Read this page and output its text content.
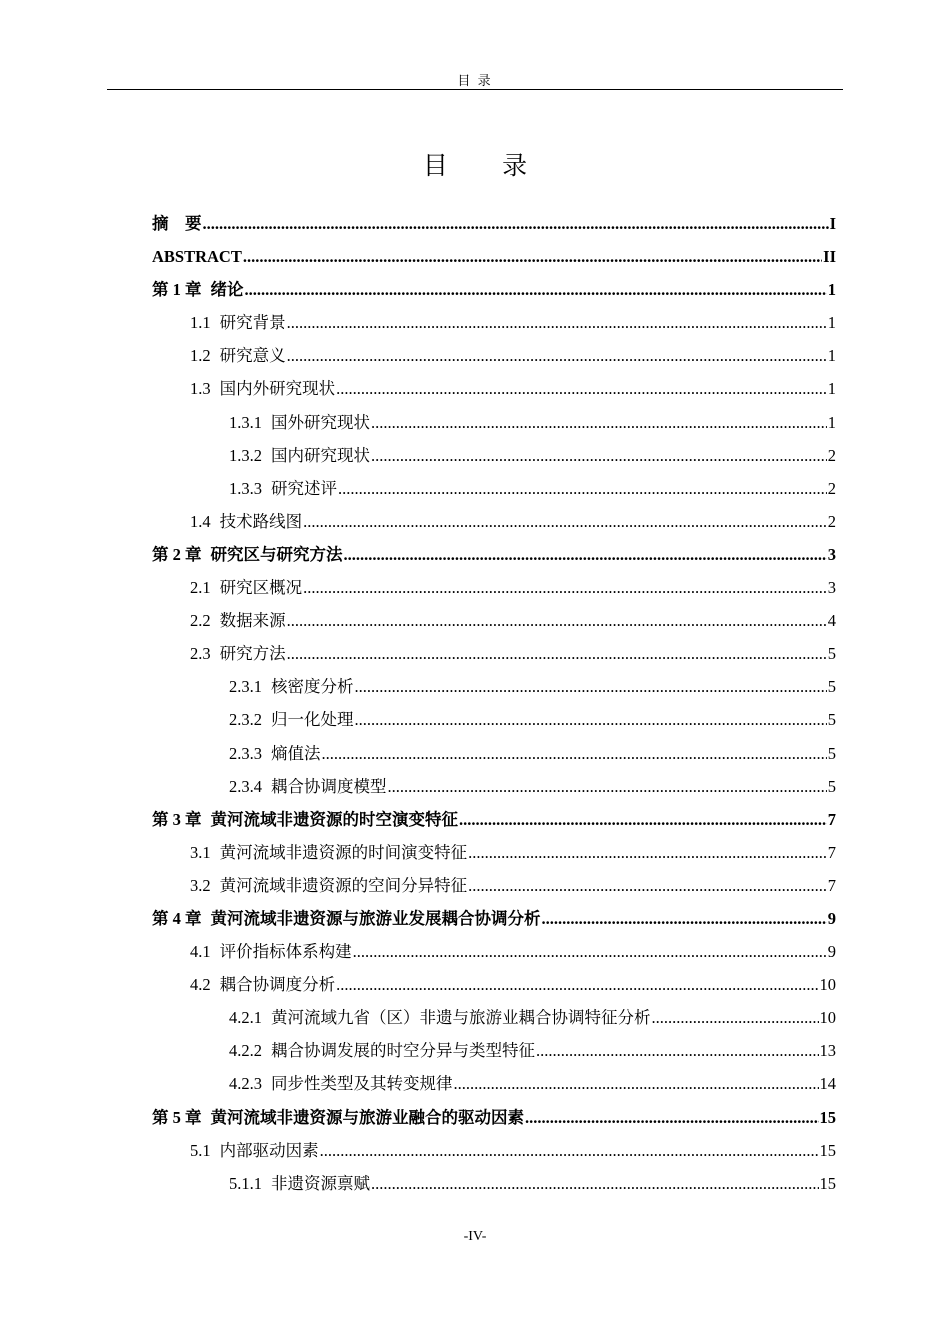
目 录
目 录
摘　要 .....	I
ABSTRACT .....	II
第 1 章 绪论 .....	1
1.1 研究背景 .....	1
1.2 研究意义 .....	1
1.3 国内外研究现状 .....	1
1.3.1 国外研究现状 .....	1
1.3.2 国内研究现状 .....	2
1.3.3 研究述评 .....	2
1.4 技术路线图 .....	2
第 2 章 研究区与研究方法 .....	3
2.1 研究区概况 .....	3
2.2 数据来源 .....	4
2.3 研究方法 .....	5
2.3.1 核密度分析 .....	5
2.3.2 归一化处理 .....	5
2.3.3 熵值法 .....	5
2.3.4 耦合协调度模型 .....	5
第 3 章 黄河流域非遗资源的时空演变特征 .....	7
3.1 黄河流域非遗资源的时间演变特征 .....	7
3.2 黄河流域非遗资源的空间分异特征 .....	7
第 4 章 黄河流域非遗资源与旅游业发展耦合协调分析 .....	9
4.1 评价指标体系构建 .....	9
4.2 耦合协调度分析 .....	10
4.2.1 黄河流域九省（区）非遗与旅游业耦合协调特征分析 .....	10
4.2.2 耦合协调发展的时空分异与类型特征 .....	13
4.2.3 同步性类型及其转变规律 .....	14
第 5 章 黄河流域非遗资源与旅游业融合的驱动因素 .....	15
5.1 内部驱动因素 .....	15
5.1.1 非遗资源禀赋 .....	15
-IV-
